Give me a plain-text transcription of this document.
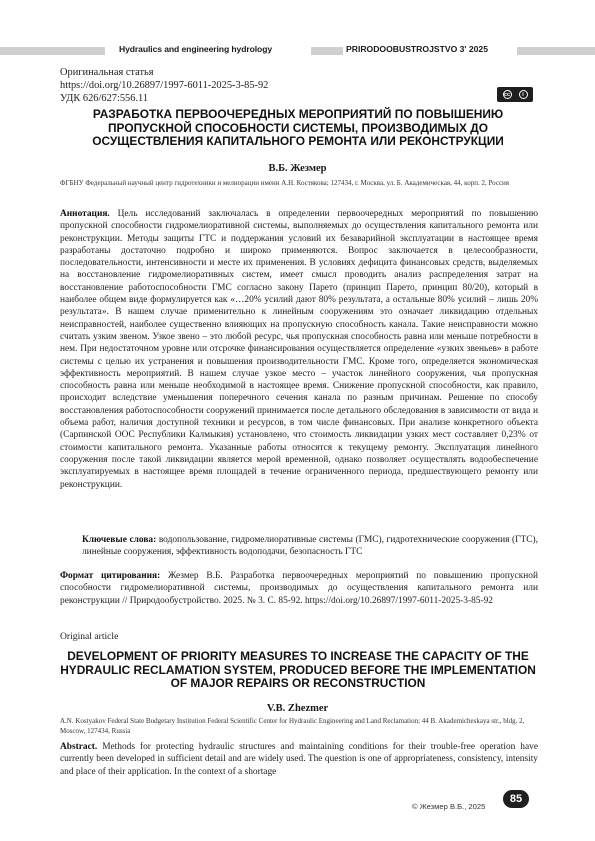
Hydraulics and engineering hydrology	PRIRODOOBUSTROJSTVO 3' 2025
Оригинальная статья
https://doi.org/10.26897/1997-6011-2025-3-85-92
УДК 626/627:556.11	cc	i
РАЗРАБОТКА ПЕРВООЧЕРЕДНЫХ МЕРОПРИЯТИЙ ПО ПОВЫШЕНИЮ ПРОПУСКНОЙ СПОСОБНОСТИ СИСТЕМЫ, ПРОИЗВОДИМЫХ ДО ОСУЩЕСТВЛЕНИЯ КАПИТАЛЬНОГО РЕМОНТА ИЛИ РЕКОНСТРУКЦИИ
В.Б. Жезмер
ФГБНУ Федеральный научный центр гидротехники и мелиорации имени А.Н. Костякова; 127434, г. Москва, ул. Б. Академическая, 44, корп. 2, Россия
Аннотация. Цель исследований заключалась в определении первоочередных мероприятий по повышению пропускной способности гидромелиоративной системы, выполняемых до осуществления капитального ремонта или реконструкции. Методы защиты ГТС и поддержания условий их безаварийной эксплуатации в настоящее время разработаны достаточно подробно и широко применяются. Вопрос заключается в целесообразности, последовательности, интенсивности и месте их применения. В условиях дефицита финансовых средств, выделяемых на восстановление гидромелиоративных систем, имеет смысл проводить анализ распределения затрат на восстановление работоспособности ГМС согласно закону Парето (принцип Парето, принцип 80/20), который в наиболее общем виде формулируется как «…20% усилий дают 80% результата, а остальные 80% усилий – лишь 20% результата». В нашем случае применительно к линейным сооружениям это означает ликвидацию отдельных неисправностей, наиболее существенно влияющих на пропускную способность канала. Такие неисправности можно считать узким звеном. Узкое звено – это любой ресурс, чья пропускная способность равна или меньше потребности в нем. При недостаточном уровне или отсрочке финансирования осуществляется определение «узких звеньев» в работе системы с целью их устранения и повышения производительности ГМС. Кроме того, определяется экономическая эффективность мероприятий. В нашем случае узкое место – участок линейного сооружения, чья пропускная способность равна или меньше необходимой в настоящее время. Снижение пропускной способности, как правило, происходит вследствие уменьшения поперечного сечения канала по разным причинам. Решение по способу восстановления работоспособности сооружений принимается после детального обследования в зависимости от вида и объема работ, наличия доступной техники и ресурсов, в том числе финансовых. При анализе конкретного объекта (Сарпинской ООС Республики Калмыкия) установлено, что стоимость ликвидации узких мест составляет 0,23% от стоимости капитального ремонта. Указанные работы относятся к текущему ремонту. Эксплуатация линейного сооружения после такой ликвидации является мерой временной, однако позволяет осуществлять водообеспечение эксплуатируемых в настоящее время площадей в течение ограниченного периода, предшествующего ремонту или реконструкции.
Ключевые слова: водопользование, гидромелиоративные системы (ГМС), гидротехнические сооружения (ГТС), линейные сооружения, эффективность водоподачи, безопасность ГТС
Формат цитирования: Жезмер В.Б. Разработка первоочередных мероприятий по повышению пропускной способности гидромелиоративной системы, производимых до осуществления капитального ремонта или реконструкции // Природообустройство. 2025. № 3. С. 85-92. https://doi.org/10.26897/1997-6011-2025-3-85-92
Original article
DEVELOPMENT OF PRIORITY MEASURES TO INCREASE THE CAPACITY OF THE HYDRAULIC RECLAMATION SYSTEM, PRODUCED BEFORE THE IMPLEMENTATION OF MAJOR REPAIRS OR RECONSTRUCTION
V.B. Zhezmer
A.N. Kostyakov Federal State Budgetary Institution Federal Scientific Center for Hydraulic Engineering and Land Reclamation; 44 B. Akademicheskaya str., bldg. 2, Moscow, 127434, Russia
Abstract. Methods for protecting hydraulic structures and maintaining conditions for their trouble-free operation have currently been developed in sufficient detail and are widely used. The question is one of appropriateness, consistency, intensity and place of their application. In the context of a shortage
© Жезмер В.Б., 2025
85
